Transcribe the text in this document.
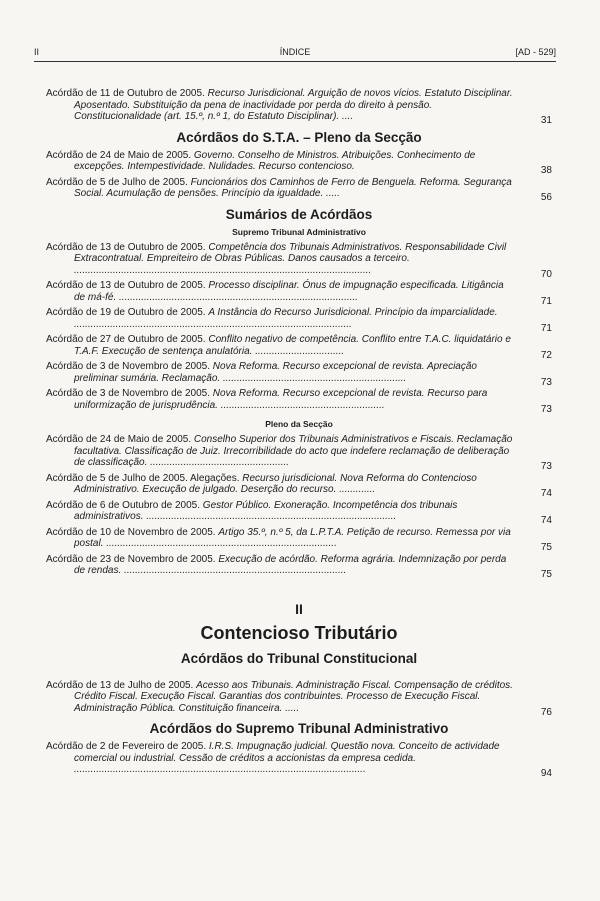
II	ÍNDICE	[AD - 529]
Acórdão de 11 de Outubro de 2005. Recurso Jurisdicional. Arguição de novos vícios. Estatuto Disciplinar. Aposentado. Substituição da pena de inactividade por perda do direito à pensão. Constitucionalidade (art. 15.º, n.º 1, do Estatuto Disciplinar). ....	31
Acórdãos do S.T.A. – Pleno da Secção
Acórdão de 24 de Maio de 2005. Governo. Conselho de Ministros. Atribuições. Conhecimento de excepções. Intempestividade. Nulidades. Recurso contencioso.	38
Acórdão de 5 de Julho de 2005. Funcionários dos Caminhos de Ferro de Benguela. Reforma. Segurança Social. Acumulação de pensões. Princípio da igualdade. .....	56
Sumários de Acórdãos
Supremo Tribunal Administrativo
Acórdão de 13 de Outubro de 2005. Competência dos Tribunais Administrativos. Responsabilidade Civil Extracontratual. Empreiteiro de Obras Públicas. Danos causados a terceiro. ...........................................................................................................	70
Acórdão de 13 de Outubro de 2005. Processo disciplinar. Ónus de impugnação especificada. Litigância de má-fé. ......................................................................................	71
Acórdão de 19 de Outubro de 2005. A Instância do Recurso Jurisdicional. Princípio da imparcialidade. ....................................................................................................	71
Acórdão de 27 de Outubro de 2005. Conflito negativo de competência. Conflito entre T.A.C. liquidatário e T.A.F. Execução de sentença anulatória. ................................	72
Acórdão de 3 de Novembro de 2005. Nova Reforma. Recurso excepcional de revista. Apreciação preliminar sumária. Reclamação. ..................................................................	73
Acórdão de 3 de Novembro de 2005. Nova Reforma. Recurso excepcional de revista. Recurso para uniformização de jurisprudência. ...........................................................	73
Pleno da Secção
Acórdão de 24 de Maio de 2005. Conselho Superior dos Tribunais Administrativos e Fiscais. Reclamação facultativa. Classificação de Juiz. Irrecorribilidade do acto que indefere reclamação de deliberação de classificação. ..................................................	73
Acórdão de 5 de Julho de 2005. Alegações. Recurso jurisdicional. Nova Reforma do Contencioso Administrativo. Execução de julgado. Deserção do recurso. .............	74
Acórdão de 6 de Outubro de 2005. Gestor Público. Exoneração. Incompetência dos tribunais administrativos. ..........................................................................................	74
Acórdão de 10 de Novembro de 2005. Artigo 35.º, n.º 5, da L.P.T.A. Petição de recurso. Remessa por via postal. ...................................................................................	75
Acórdão de 23 de Novembro de 2005. Execução de acórdão. Reforma agrária. Indemnização por perda de rendas. ................................................................................	75
II
Contencioso Tributário
Acórdãos do Tribunal Constitucional
Acórdão de 13 de Julho de 2005. Acesso aos Tribunais. Administração Fiscal. Compensação de créditos. Crédito Fiscal. Execução Fiscal. Garantias dos contribuintes. Processo de Execução Fiscal. Administração Pública. Constituição financeira. .....	76
Acórdãos do Supremo Tribunal Administrativo
Acórdão de 2 de Fevereiro de 2005. I.R.S. Impugnação judicial. Questão nova. Conceito de actividade comercial ou industrial. Cessão de créditos a accionistas da empresa cedida. .........................................................................................................	94
